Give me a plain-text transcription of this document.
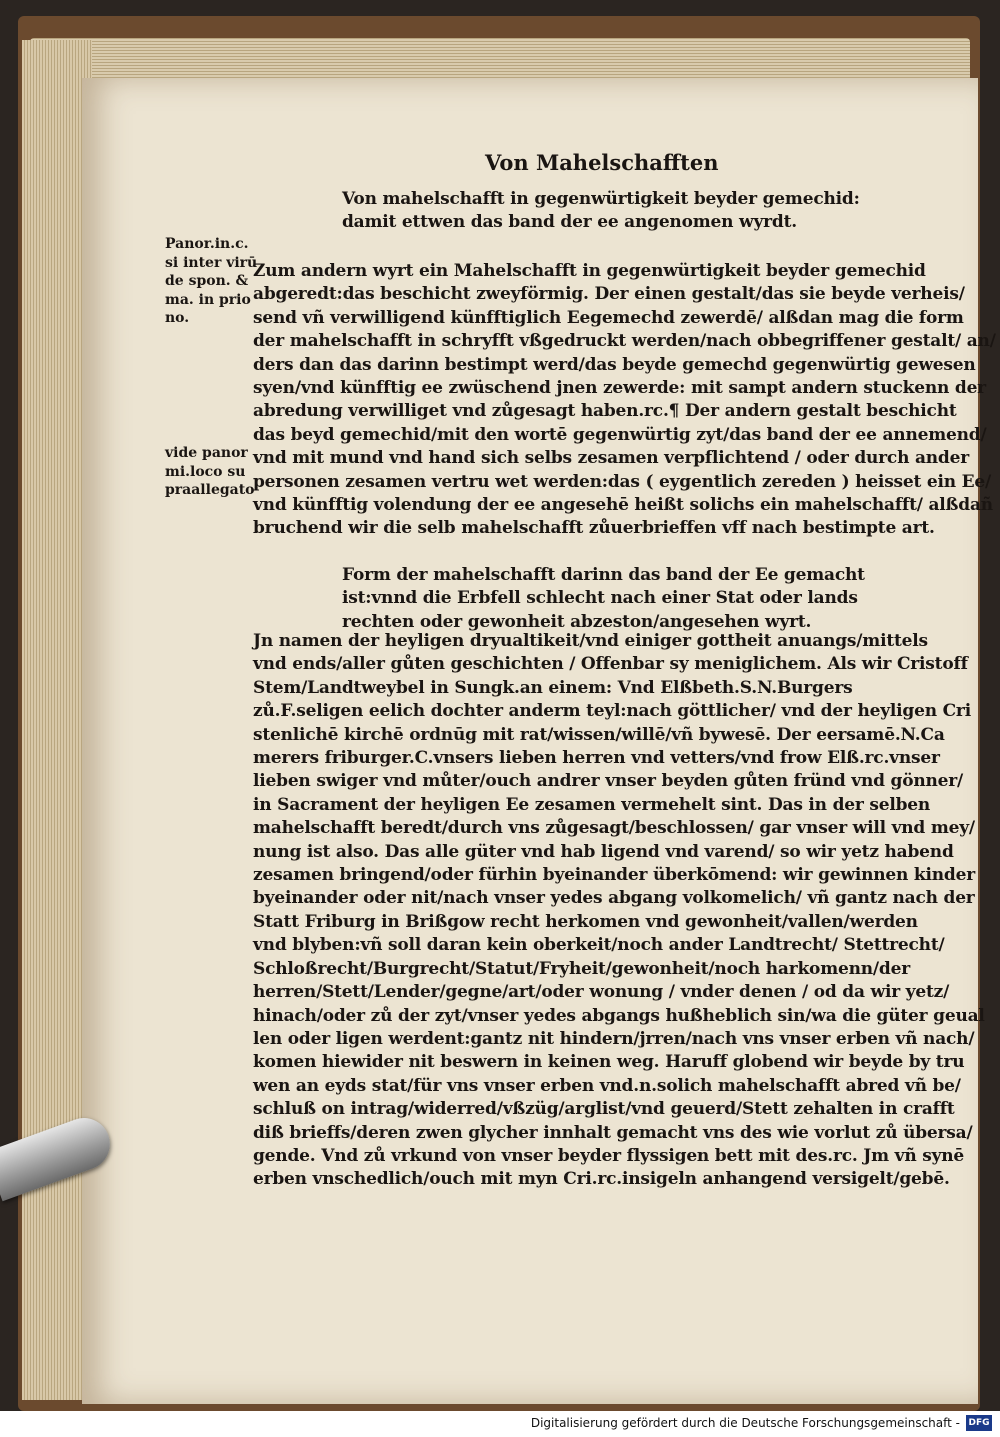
Von Mahelschafften
Von mahelschafft in gegenwürtigkeit beyder gemechid:
damit ettwen das band der ee angenomen wyrdt.
Panor.in.c.
si inter virū
de spon. &
ma. in prio
no.
Zum andern wyrt ein Mahelschafft in gegenwürtigkeit beyder gemechid
abgeredt:das beschicht zweyförmig. Der einen gestalt/das sie beyde verheis/
send vñ verwilligend künfftiglich Eegemechd zewerdē/ alßdan mag die form
der mahelschafft in schryfft vßgedruckt werden/nach obbegriffener gestalt/ an/
ders dan das darinn bestimpt werd/das beyde gemechd gegenwürtig gewesen
syen/vnd künfftig ee zwüschend jnen zewerde: mit sampt andern stuckenn der
abredung verwilliget vnd zůgesagt haben.rc.¶ Der andern gestalt beschicht
das beyd gemechid/mit den wortē gegenwürtig zyt/das band der ee annemend/
vnd mit mund vnd hand sich selbs zesamen verpflichtend / oder durch ander
personen zesamen vertru wet werden:das ( eygentlich zereden ) heisset ein Ee/
vnd künfftig volendung der ee angesehē heißt solichs ein mahelschafft/ alßdañ
bruchend wir die selb mahelschafft zůuerbrieffen vff nach bestimpte art.
vide panor
mi.loco su
praallegato
Form der mahelschafft darinn das band der Ee gemacht
ist:vnnd die Erbfell schlecht nach einer Stat oder lands
rechten oder gewonheit abzeston/angesehen wyrt.
Jn namen der heyligen dryualtikeit/vnd einiger gottheit anuangs/mittels
vnd ends/aller gůten geschichten / Offenbar sy meniglichem. Als wir Cristoff
Stem/Landtweybel in Sungk.an einem: Vnd Elßbeth.S.N.Burgers
zů.F.seligen eelich dochter anderm teyl:nach göttlicher/ vnd der heyligen Cri
stenlichē kirchē ordnūg mit rat/wissen/willē/vñ bywesē. Der eersamē.N.Ca
merers friburger.C.vnsers lieben herren vnd vetters/vnd frow Elß.rc.vnser
lieben swiger vnd můter/ouch andrer vnser beyden gůten fründ vnd gönner/
in Sacrament der heyligen Ee zesamen vermehelt sint. Das in der selben
mahelschafft beredt/durch vns zůgesagt/beschlossen/ gar vnser will vnd mey/
nung ist also. Das alle güter vnd hab ligend vnd varend/ so wir yetz habend
zesamen bringend/oder fürhin byeinander überkōmend: wir gewinnen kinder
byeinander oder nit/nach vnser yedes abgang volkomelich/ vñ gantz nach der
Statt Friburg in Brißgow recht herkomen vnd gewonheit/vallen/werden
vnd blyben:vñ soll daran kein oberkeit/noch ander Landtrecht/ Stettrecht/
Schloßrecht/Burgrecht/Statut/Fryheit/gewonheit/noch harkomenn/der
herren/Stett/Lender/gegne/art/oder wonung / vnder denen / od da wir yetz/
hinach/oder zů der zyt/vnser yedes abgangs hußheblich sin/wa die güter geual
len oder ligen werdent:gantz nit hindern/jrren/nach vns vnser erben vñ nach/
komen hiewider nit beswern in keinen weg. Haruff globend wir beyde by tru
wen an eyds stat/für vns vnser erben vnd.n.solich mahelschafft abred vñ be/
schluß on intrag/widerred/vßzüg/arglist/vnd geuerd/Stett zehalten in crafft
diß brieffs/deren zwen glycher innhalt gemacht vns des wie vorlut zů übersa/
gende. Vnd zů vrkund von vnser beyder flyssigen bett mit des.rc. Jm vñ synē
erben vnschedlich/ouch mit myn Cri.rc.insigeln anhangend versigelt/gebē.
Digitalisierung gefördert durch die Deutsche Forschungsgemeinschaft - DFG
